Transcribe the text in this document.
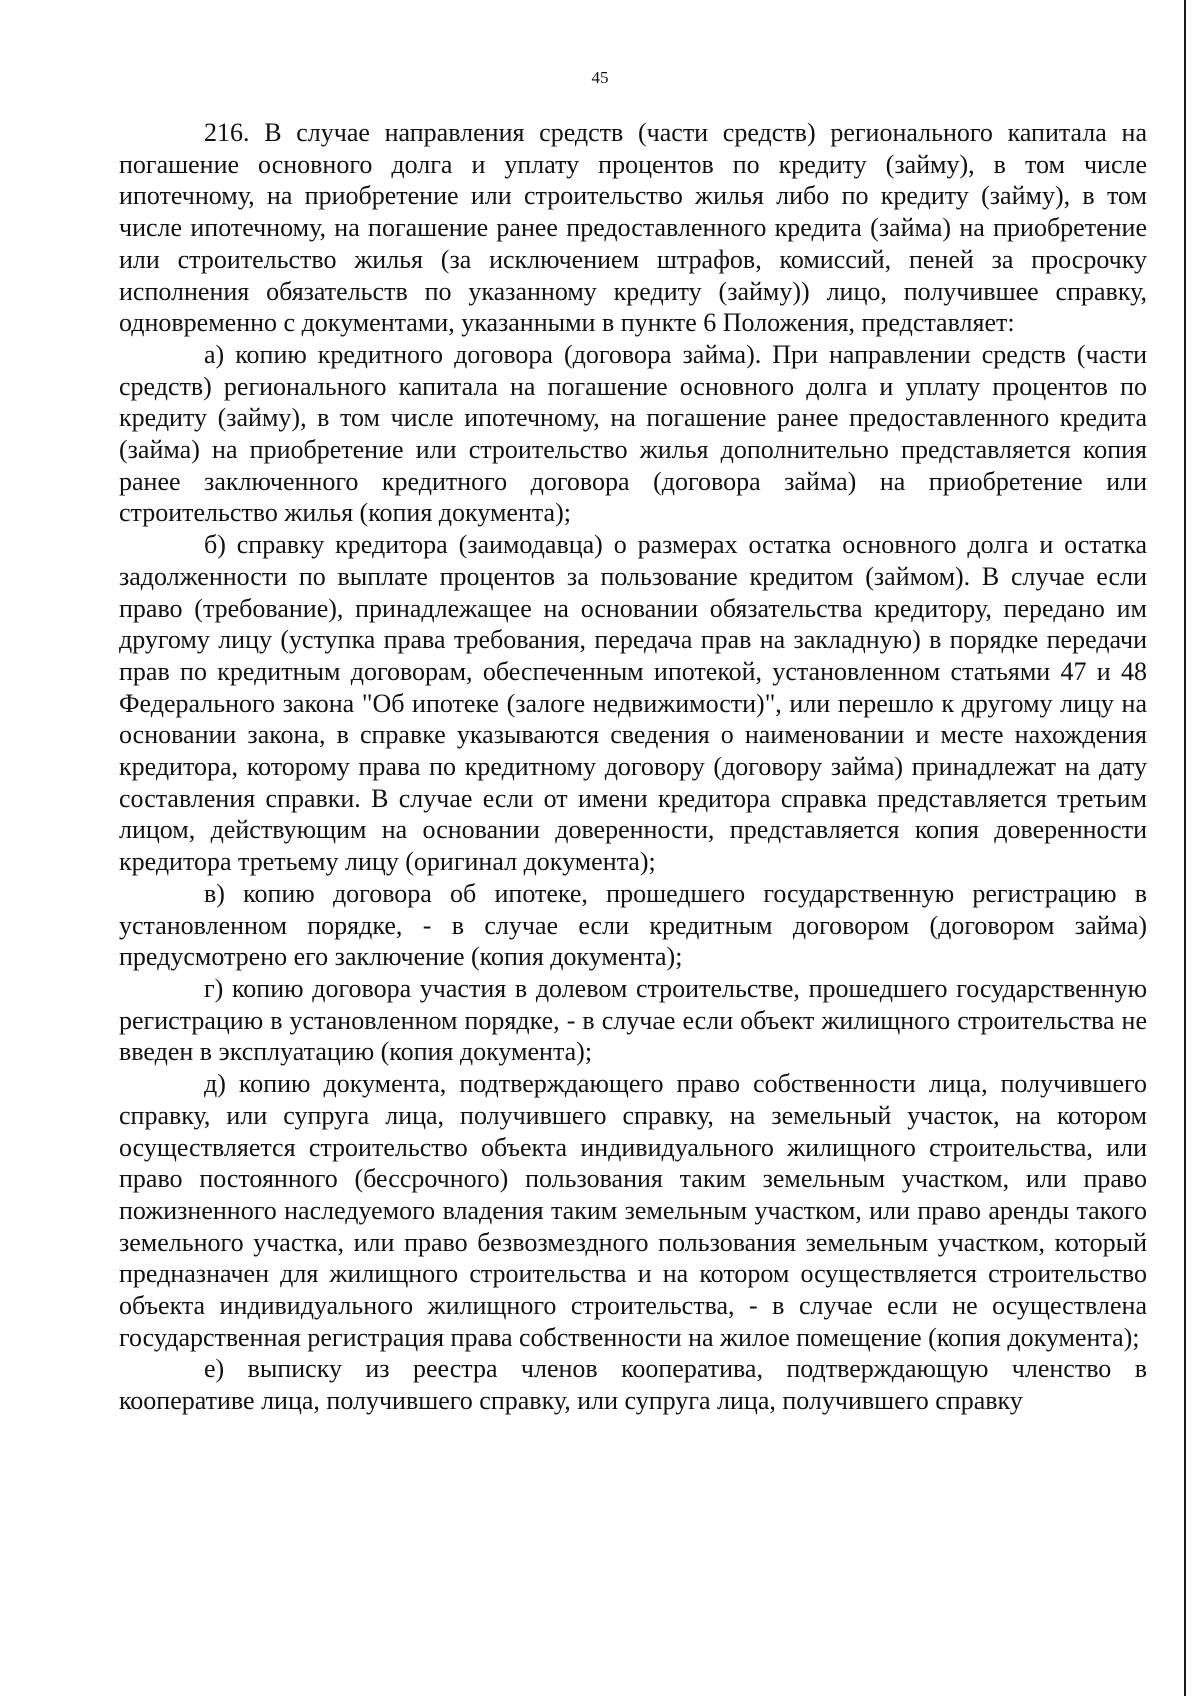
45

216. В случае направления средств (части средств) регионального капитала на погашение основного долга и уплату процентов по кредиту (займу), в том числе ипотечному, на приобретение или строительство жилья либо по кредиту (займу), в том числе ипотечному, на погашение ранее предоставленного кредита (займа) на приобретение или строительство жилья (за исключением штрафов, комиссий, пеней за просрочку исполнения обязательств по указанному кредиту (займу)) лицо, получившее справку, одновременно с документами, указанными в пункте 6 Положения, представляет:

а) копию кредитного договора (договора займа). При направлении средств (части средств) регионального капитала на погашение основного долга и уплату процентов по кредиту (займу), в том числе ипотечному, на погашение ранее предоставленного кредита (займа) на приобретение или строительство жилья дополнительно представляется копия ранее заключенного кредитного договора (договора займа) на приобретение или строительство жилья (копия документа);

б) справку кредитора (заимодавца) о размерах остатка основного долга и остатка задолженности по выплате процентов за пользование кредитом (займом). В случае если право (требование), принадлежащее на основании обязательства кредитору, передано им другому лицу (уступка права требования, передача прав на закладную) в порядке передачи прав по кредитным договорам, обеспеченным ипотекой, установленном статьями 47 и 48 Федерального закона "Об ипотеке (залоге недвижимости)", или перешло к другому лицу на основании закона, в справке указываются сведения о наименовании и месте нахождения кредитора, которому права по кредитному договору (договору займа) принадлежат на дату составления справки. В случае если от имени кредитора справка представляется третьим лицом, действующим на основании доверенности, представляется копия доверенности кредитора третьему лицу (оригинал документа);

в) копию договора об ипотеке, прошедшего государственную регистрацию в установленном порядке, - в случае если кредитным договором (договором займа) предусмотрено его заключение (копия документа);

г) копию договора участия в долевом строительстве, прошедшего государственную регистрацию в установленном порядке, - в случае если объект жилищного строительства не введен в эксплуатацию (копия документа);

д) копию документа, подтверждающего право собственности лица, получившего справку, или супруга лица, получившего справку, на земельный участок, на котором осуществляется строительство объекта индивидуального жилищного строительства, или право постоянного (бессрочного) пользования таким земельным участком, или право пожизненного наследуемого владения таким земельным участком, или право аренды такого земельного участка, или право безвозмездного пользования земельным участком, который предназначен для жилищного строительства и на котором осуществляется строительство объекта индивидуального жилищного строительства, - в случае если не осуществлена государственная регистрация права собственности на жилое помещение (копия документа);

е) выписку из реестра членов кооператива, подтверждающую членство в кооперативе лица, получившего справку, или супруга лица, получившего справку
